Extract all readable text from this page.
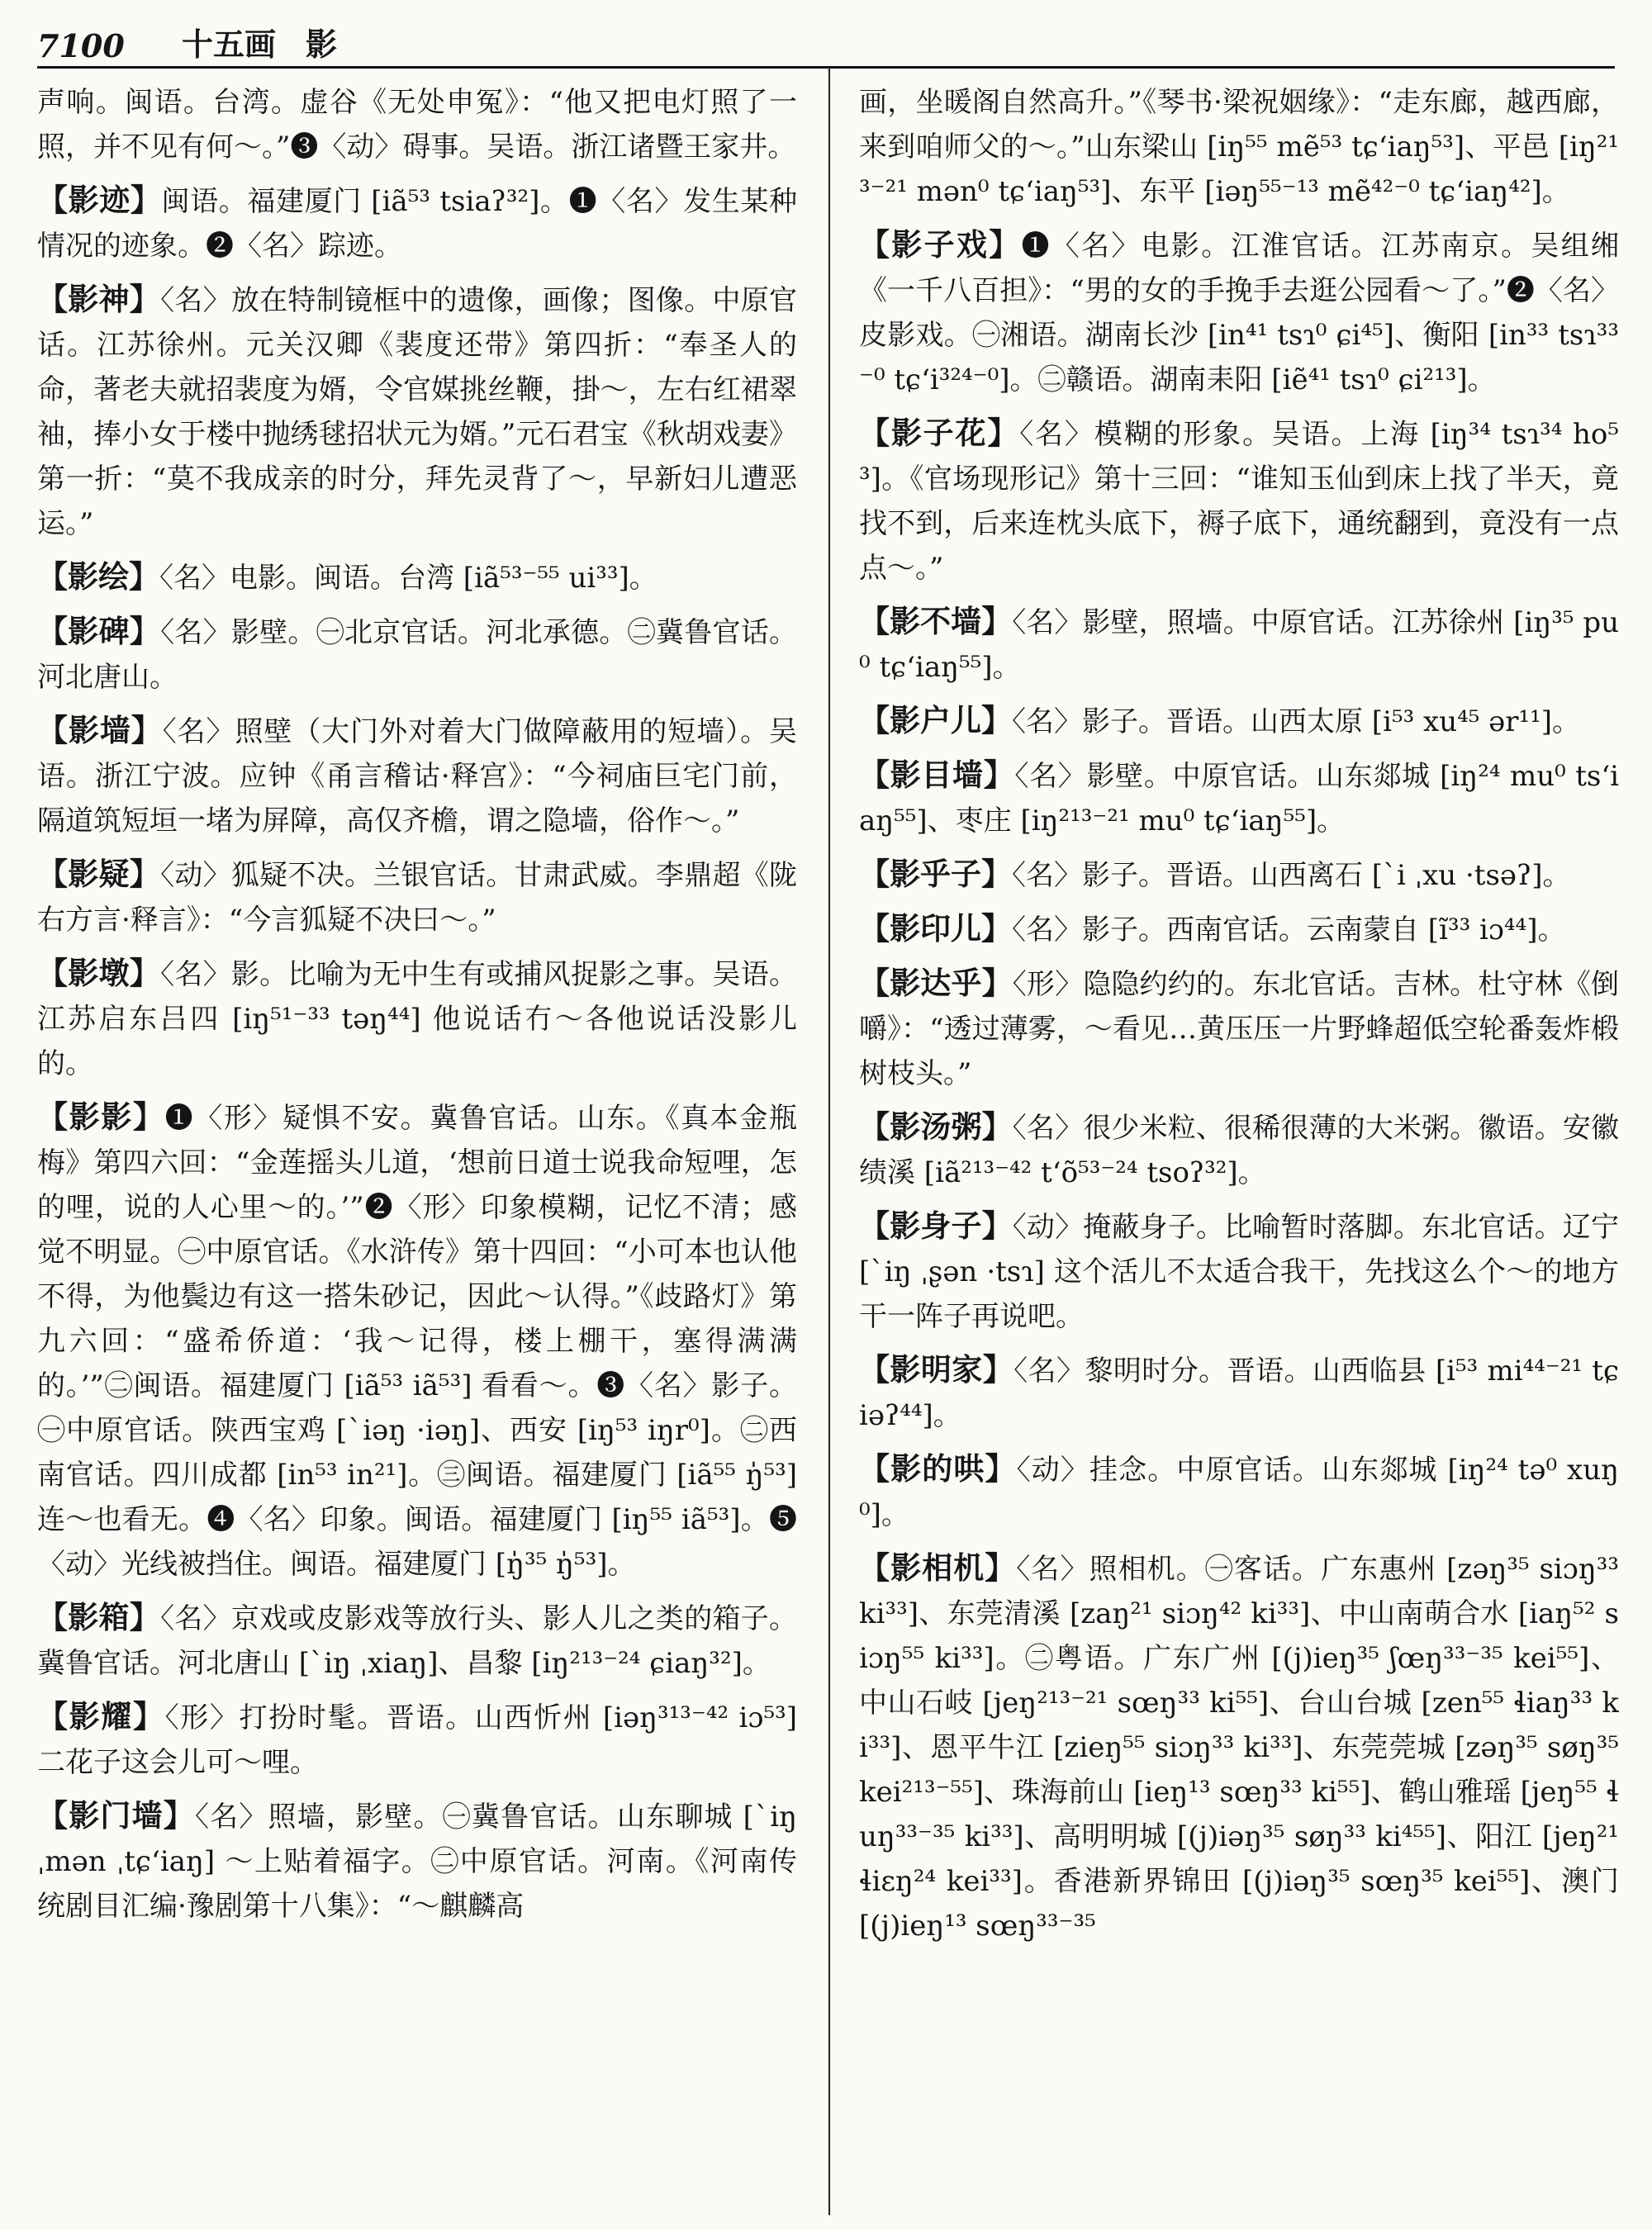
7100	十五画 影

声响。闽语。台湾。虚谷《无处申冤》：“他又把电灯照了一照，并不见有何～。”❸〈动〉碍事。吴语。浙江诸暨王家井。

【影迹】闽语。福建厦门 [iã⁵³ tsiaʔ³²]。❶〈名〉发生某种情况的迹象。❷〈名〉踪迹。

【影神】〈名〉放在特制镜框中的遗像，画像；图像。中原官话。江苏徐州。元关汉卿《裴度还带》第四折：“奉圣人的命，著老夫就招裴度为婿，令官媒挑丝鞭，掛～，左右红裙翠袖，捧小女于楼中抛绣毬招状元为婿。”元石君宝《秋胡戏妻》第一折：“莫不我成亲的时分，拜先灵背了～，早新妇儿遭恶运。”

【影绘】〈名〉电影。闽语。台湾 [iã⁵³⁻⁵⁵ ui³³]。

【影碑】〈名〉影壁。㊀北京官话。河北承德。㊁冀鲁官话。河北唐山。

【影墙】〈名〉照壁（大门外对着大门做障蔽用的短墙）。吴语。浙江宁波。应钟《甬言稽诂·释宫》：“今祠庙巨宅门前，隔道筑短垣一堵为屏障，高仅齐檐，谓之隐墙，俗作～。”

【影疑】〈动〉狐疑不决。兰银官话。甘肃武威。李鼎超《陇右方言·释言》：“今言狐疑不决曰～。”

【影墩】〈名〉影。比喻为无中生有或捕风捉影之事。吴语。江苏启东吕四 [iŋ⁵¹⁻³³ təŋ⁴⁴] 他说话冇～各他说话没影儿的。

【影影】❶〈形〉疑惧不安。冀鲁官话。山东。《真本金瓶梅》第四六回：“金莲摇头儿道，‘想前日道士说我命短哩，怎的哩，说的人心里～的。’”❷〈形〉印象模糊，记忆不清；感觉不明显。㊀中原官话。《水浒传》第十四回：“小可本也认他不得，为他鬓边有这一搭朱砂记，因此～认得。”《歧路灯》第九六回：“盛希侨道：‘我～记得，楼上棚干，塞得满满的。’”㊁闽语。福建厦门 [iã⁵³ iã⁵³] 看看～。❸〈名〉影子。㊀中原官话。陕西宝鸡 [ˋiəŋ ·iəŋ]、西安 [iŋ⁵³ iŋr⁰]。㊁西南官话。四川成都 [in⁵³ in²¹]。㊂闽语。福建厦门 [iã⁵⁵ ŋ̍⁵³] 连～也看无。❹〈名〉印象。闽语。福建厦门 [iŋ⁵⁵ iã⁵³]。❺〈动〉光线被挡住。闽语。福建厦门 [ŋ̍³⁵ ŋ̍⁵³]。

【影箱】〈名〉京戏或皮影戏等放行头、影人儿之类的箱子。冀鲁官话。河北唐山 [ˋiŋ ˌxiaŋ]、昌黎 [iŋ²¹³⁻²⁴ ɕiaŋ³²]。

【影耀】〈形〉打扮时髦。晋语。山西忻州 [iəŋ³¹³⁻⁴² iɔ⁵³] 二花子这会儿可～哩。

【影门墙】〈名〉照墙，影壁。㊀冀鲁官话。山东聊城 [ˋiŋ ˌmən ˌtɕʻiaŋ] ～上贴着福字。㊁中原官话。河南。《河南传统剧目汇编·豫剧第十八集》：“～麒麟高

画，坐暖阁自然高升。”《琴书·梁祝姻缘》：“走东廊，越西廊，来到咱师父的～。”山东梁山 [iŋ⁵⁵ mẽ⁵³ tɕʻiaŋ⁵³]、平邑 [iŋ²¹³⁻²¹ mən⁰ tɕʻiaŋ⁵³]、东平 [iəŋ⁵⁵⁻¹³ mẽ⁴²⁻⁰ tɕʻiaŋ⁴²]。

【影子戏】❶〈名〉电影。江淮官话。江苏南京。吴组缃《一千八百担》：“男的女的手挽手去逛公园看～了。”❷〈名〉皮影戏。㊀湘语。湖南长沙 [in⁴¹ tsɿ⁰ ɕi⁴⁵]、衡阳 [in³³ tsɿ³³⁻⁰ tɕʻi³²⁴⁻⁰]。㊁赣语。湖南耒阳 [iẽ⁴¹ tsɿ⁰ ɕi²¹³]。

【影子花】〈名〉模糊的形象。吴语。上海 [iŋ³⁴ tsɿ³⁴ ho⁵³]。《官场现形记》第十三回：“谁知玉仙到床上找了半天，竟找不到，后来连枕头底下，褥子底下，通统翻到，竟没有一点点～。”

【影不墙】〈名〉影壁，照墙。中原官话。江苏徐州 [iŋ³⁵ pu⁰ tɕʻiaŋ⁵⁵]。

【影户儿】〈名〉影子。晋语。山西太原 [i⁵³ xu⁴⁵ ər¹¹]。

【影目墙】〈名〉影壁。中原官话。山东郯城 [iŋ²⁴ mu⁰ tsʻiaŋ⁵⁵]、枣庄 [iŋ²¹³⁻²¹ mu⁰ tɕʻiaŋ⁵⁵]。

【影乎子】〈名〉影子。晋语。山西离石 [ˋi ˌxu ·tsəʔ]。

【影印儿】〈名〉影子。西南官话。云南蒙自 [ĩ³³ iɔ⁴⁴]。

【影达乎】〈形〉隐隐约约的。东北官话。吉林。杜守林《倒嚼》：“透过薄雾，～看见…黄压压一片野蜂超低空轮番轰炸椴树枝头。”

【影汤粥】〈名〉很少米粒、很稀很薄的大米粥。徽语。安徽绩溪 [iã²¹³⁻⁴² tʻõ⁵³⁻²⁴ tsoʔ³²]。

【影身子】〈动〉掩蔽身子。比喻暂时落脚。东北官话。辽宁 [ˋiŋ ˌʂən ·tsɿ] 这个活儿不太适合我干，先找这么个～的地方干一阵子再说吧。

【影明家】〈名〉黎明时分。晋语。山西临县 [i⁵³ mi⁴⁴⁻²¹ tɕiəʔ⁴⁴]。

【影的哄】〈动〉挂念。中原官话。山东郯城 [iŋ²⁴ tə⁰ xuŋ⁰]。

【影相机】〈名〉照相机。㊀客话。广东惠州 [zəŋ³⁵ siɔŋ³³ ki³³]、东莞清溪 [zaŋ²¹ siɔŋ⁴² ki³³]、中山南萌合水 [iaŋ⁵² siɔŋ⁵⁵ ki³³]。㊁粤语。广东广州 [(j)ieŋ³⁵ ʃœŋ³³⁻³⁵ kei⁵⁵]、中山石岐 [jeŋ²¹³⁻²¹ sœŋ³³ ki⁵⁵]、台山台城 [zen⁵⁵ ɬiaŋ³³ ki³³]、恩平牛江 [zieŋ⁵⁵ siɔŋ³³ ki³³]、东莞莞城 [zəŋ³⁵ søŋ³⁵ kei²¹³⁻⁵⁵]、珠海前山 [ieŋ¹³ sœŋ³³ ki⁵⁵]、鹤山雅瑶 [jeŋ⁵⁵ ɬuŋ³³⁻³⁵ ki³³]、高明明城 [(j)iəŋ³⁵ søŋ³³ ki⁴⁵⁵]、阳江 [jeŋ²¹ ɬiɛŋ²⁴ kei³³]。香港新界锦田 [(j)iəŋ³⁵ sœŋ³⁵ kei⁵⁵]、澳门 [(j)ieŋ¹³ sœŋ³³⁻³⁵
